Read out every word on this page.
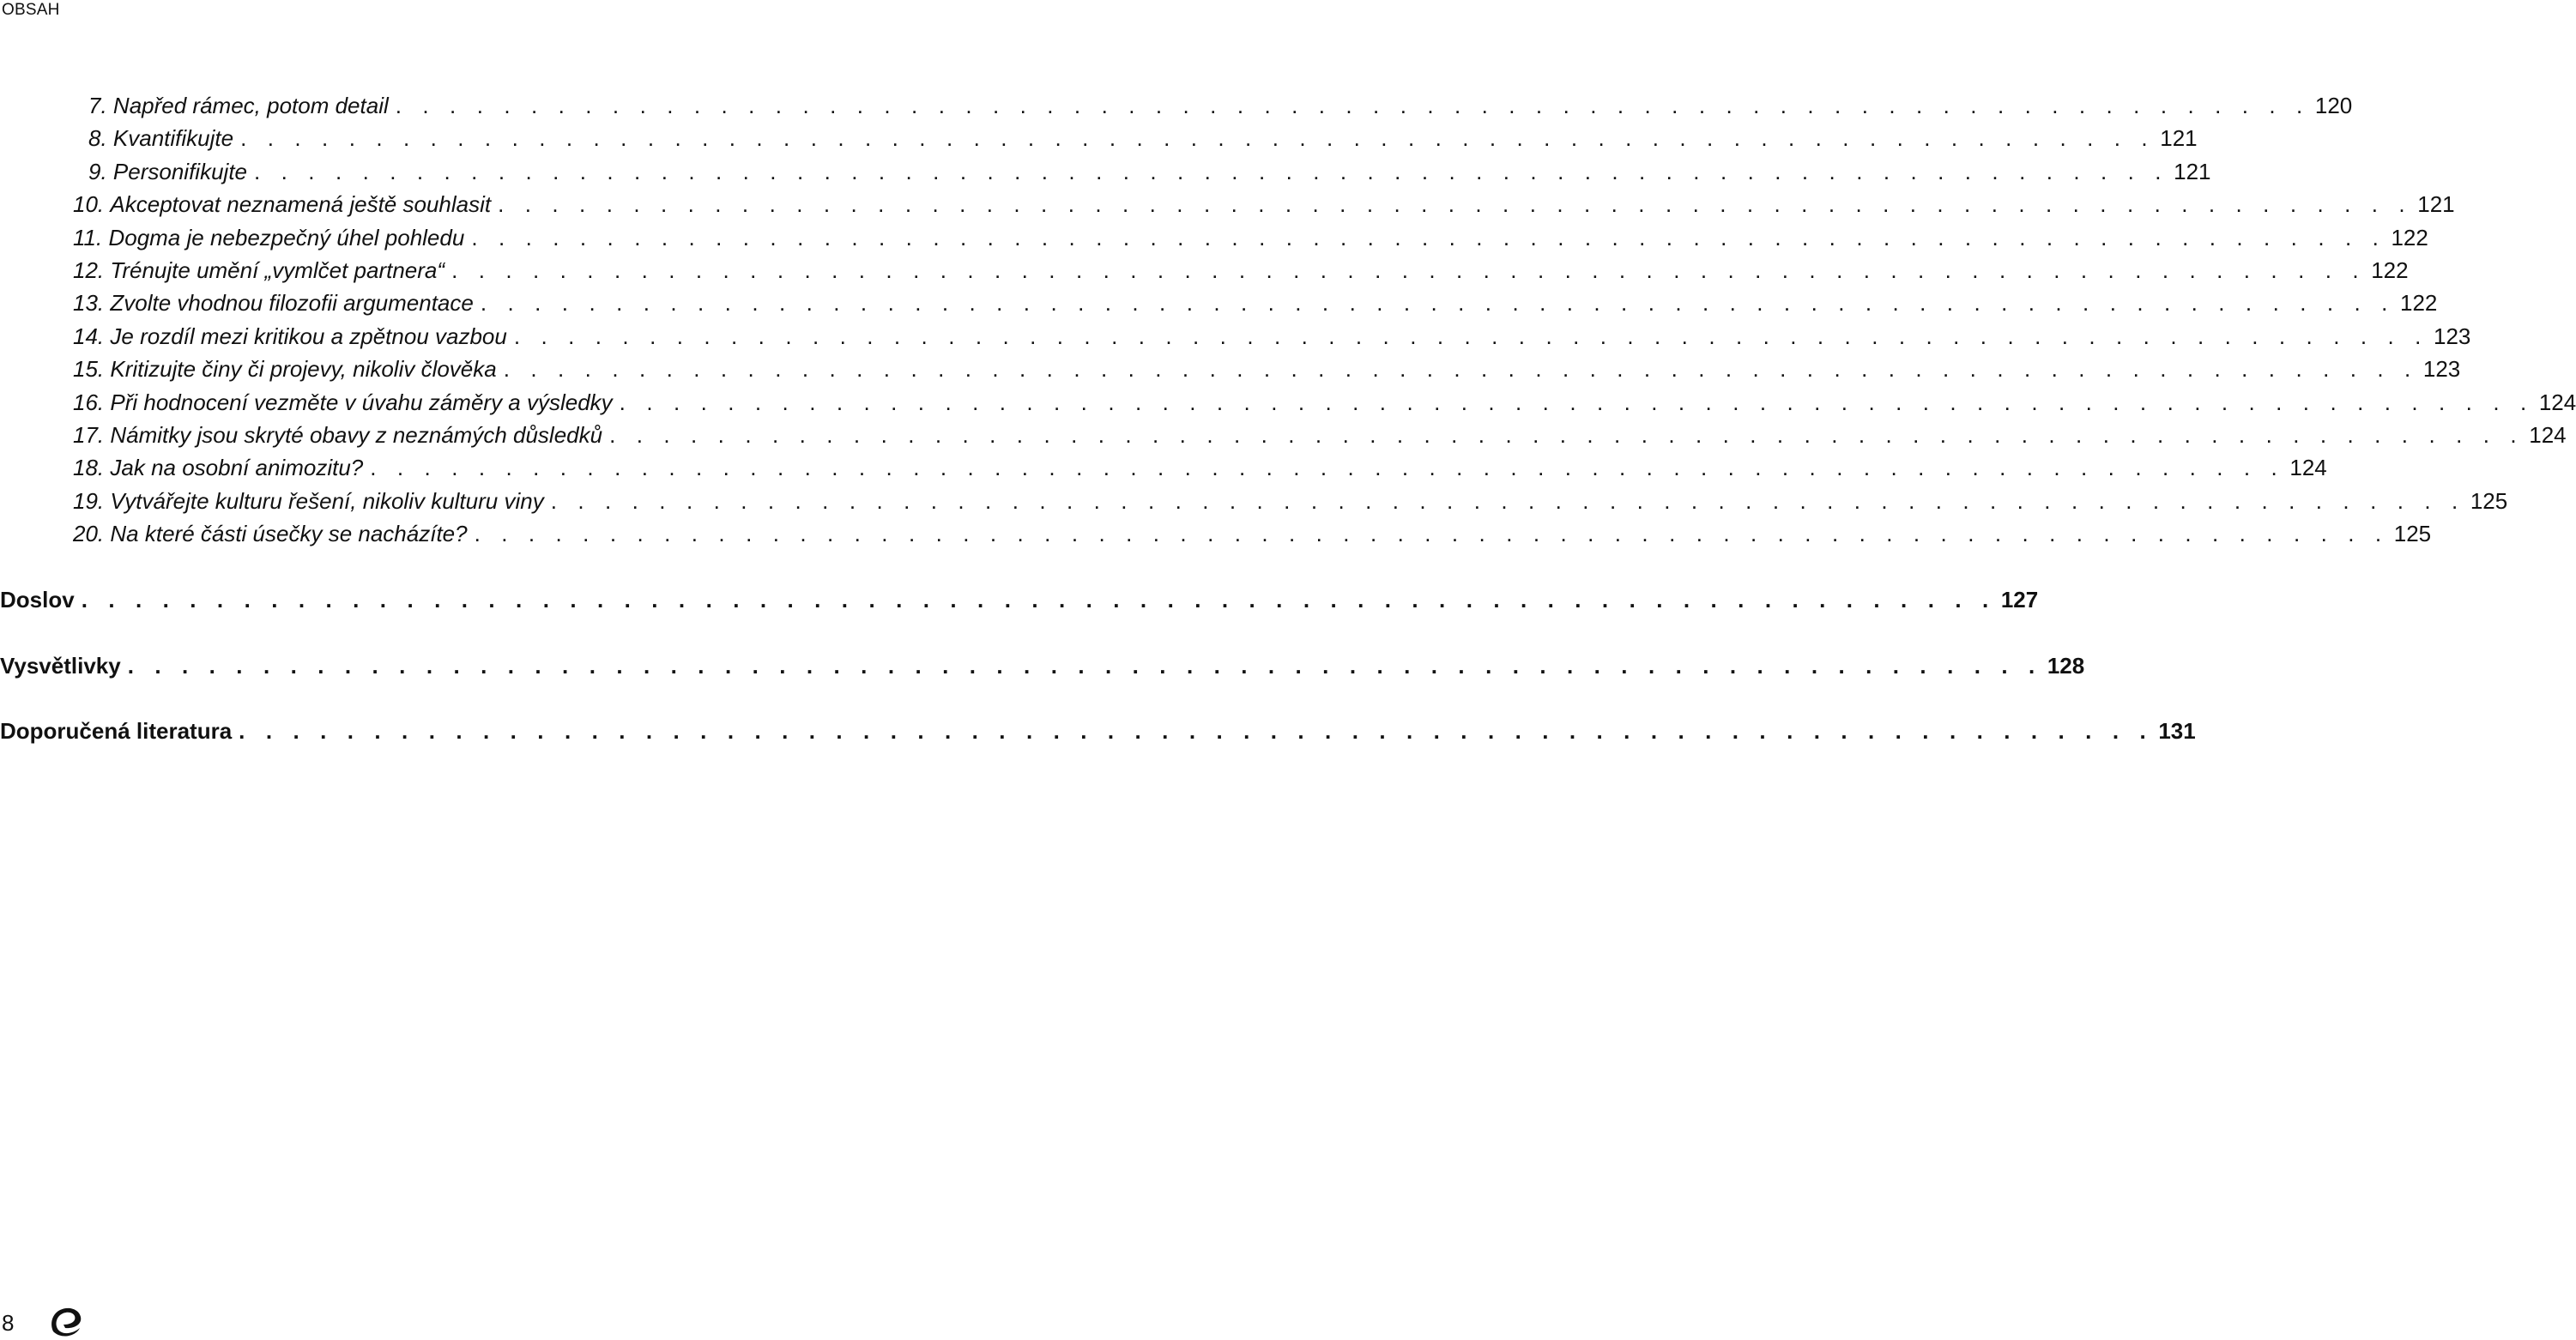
OBSAH
7.
Napřed rámec, potom detail . . . . . . . . . . . . . . . . . . . . . . . . . . . . . . . . . . . . . . . . . . . . . . . . . . . . . . . . . . . . . . . . . . . . . . . 120
8.
Kvantifikujte . . . . . . . . . . . . . . . . . . . . . . . . . . . . . . . . . . . . . . . . . . . . . . . . . . . . . . . . . . . . . . . . . . . . . . . 121
9.
Personifikujte . . . . . . . . . . . . . . . . . . . . . . . . . . . . . . . . . . . . . . . . . . . . . . . . . . . . . . . . . . . . . . . . . . . . . . . 121
10.
Akceptovat neznamená ještě souhlasit . . . . . . . . . . . . . . . . . . . . . . . . . . . . . . . . . . . . . . . . . . . . . . . . . . . . . . . . . . . . . . . . . . . . . . . 121
11.
Dogma je nebezpečný úhel pohledu . . . . . . . . . . . . . . . . . . . . . . . . . . . . . . . . . . . . . . . . . . . . . . . . . . . . . . . . . . . . . . . . . . . . . . . 122
12.
Trénujte umění „vymlčet partnera“ . . . . . . . . . . . . . . . . . . . . . . . . . . . . . . . . . . . . . . . . . . . . . . . . . . . . . . . . . . . . . . . . . . . . . . . 122
13.
Zvolte vhodnou filozofii argumentace . . . . . . . . . . . . . . . . . . . . . . . . . . . . . . . . . . . . . . . . . . . . . . . . . . . . . . . . . . . . . . . . . . . . . . . 122
14.
Je rozdíl mezi kritikou a zpětnou vazbou . . . . . . . . . . . . . . . . . . . . . . . . . . . . . . . . . . . . . . . . . . . . . . . . . . . . . . . . . . . . . . . . . . . . . . . 123
15.
Kritizujte činy či projevy, nikoliv člověka . . . . . . . . . . . . . . . . . . . . . . . . . . . . . . . . . . . . . . . . . . . . . . . . . . . . . . . . . . . . . . . . . . . . . . . 123
16.
Při hodnocení vezměte v úvahu záměry a výsledky . . . . . . . . . . . . . . . . . . . . . . . . . . . . . . . . . . . . . . . . . . . . . . . . . . . . . . . . . . . . . . . . . . . . . . . 124
17.
Námitky jsou skryté obavy z neznámých důsledků . . . . . . . . . . . . . . . . . . . . . . . . . . . . . . . . . . . . . . . . . . . . . . . . . . . . . . . . . . . . . . . . . . . . . . . 124
18.
Jak na osobní animozitu? . . . . . . . . . . . . . . . . . . . . . . . . . . . . . . . . . . . . . . . . . . . . . . . . . . . . . . . . . . . . . . . . . . . . . . . 124
19.
Vytvářejte kulturu řešení, nikoliv kulturu viny . . . . . . . . . . . . . . . . . . . . . . . . . . . . . . . . . . . . . . . . . . . . . . . . . . . . . . . . . . . . . . . . . . . . . . . 125
20.
Na které části úsečky se nacházíte? . . . . . . . . . . . . . . . . . . . . . . . . . . . . . . . . . . . . . . . . . . . . . . . . . . . . . . . . . . . . . . . . . . . . . . . 125
Doslov . . . . . . . . . . . . . . . . . . . . . . . . . . . . . . . . . . . . . . . . . . . . . . . . . . . . . . . . . . . . . . . . . . . . . . . 127
Vysvětlivky . . . . . . . . . . . . . . . . . . . . . . . . . . . . . . . . . . . . . . . . . . . . . . . . . . . . . . . . . . . . . . . . . . . . . . . 128
Doporučená literatura . . . . . . . . . . . . . . . . . . . . . . . . . . . . . . . . . . . . . . . . . . . . . . . . . . . . . . . . . . . . . . . . . . . . . . . 131
8
